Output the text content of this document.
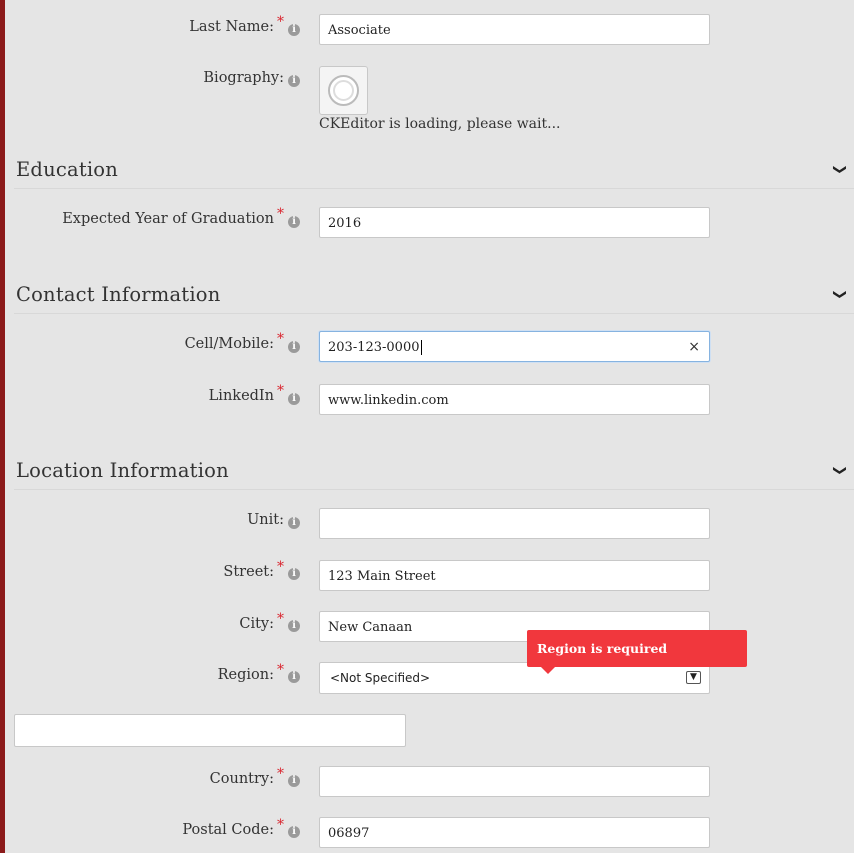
Last Name: * i	Associate
Biography: i
CKEditor is loading, please wait...
Education	❯
Expected Year of Graduation * i	2016
Contact Information	❯
Cell/Mobile: * i	203-123-0000	×
LinkedIn * i	www.linkedin.com
Location Information	❯
Unit: i
Street: * i	123 Main Street
City: * i	New Canaan
Region: * i	<Not Specified>	▼
Region is required
Country: * i
Postal Code: * i	06897
